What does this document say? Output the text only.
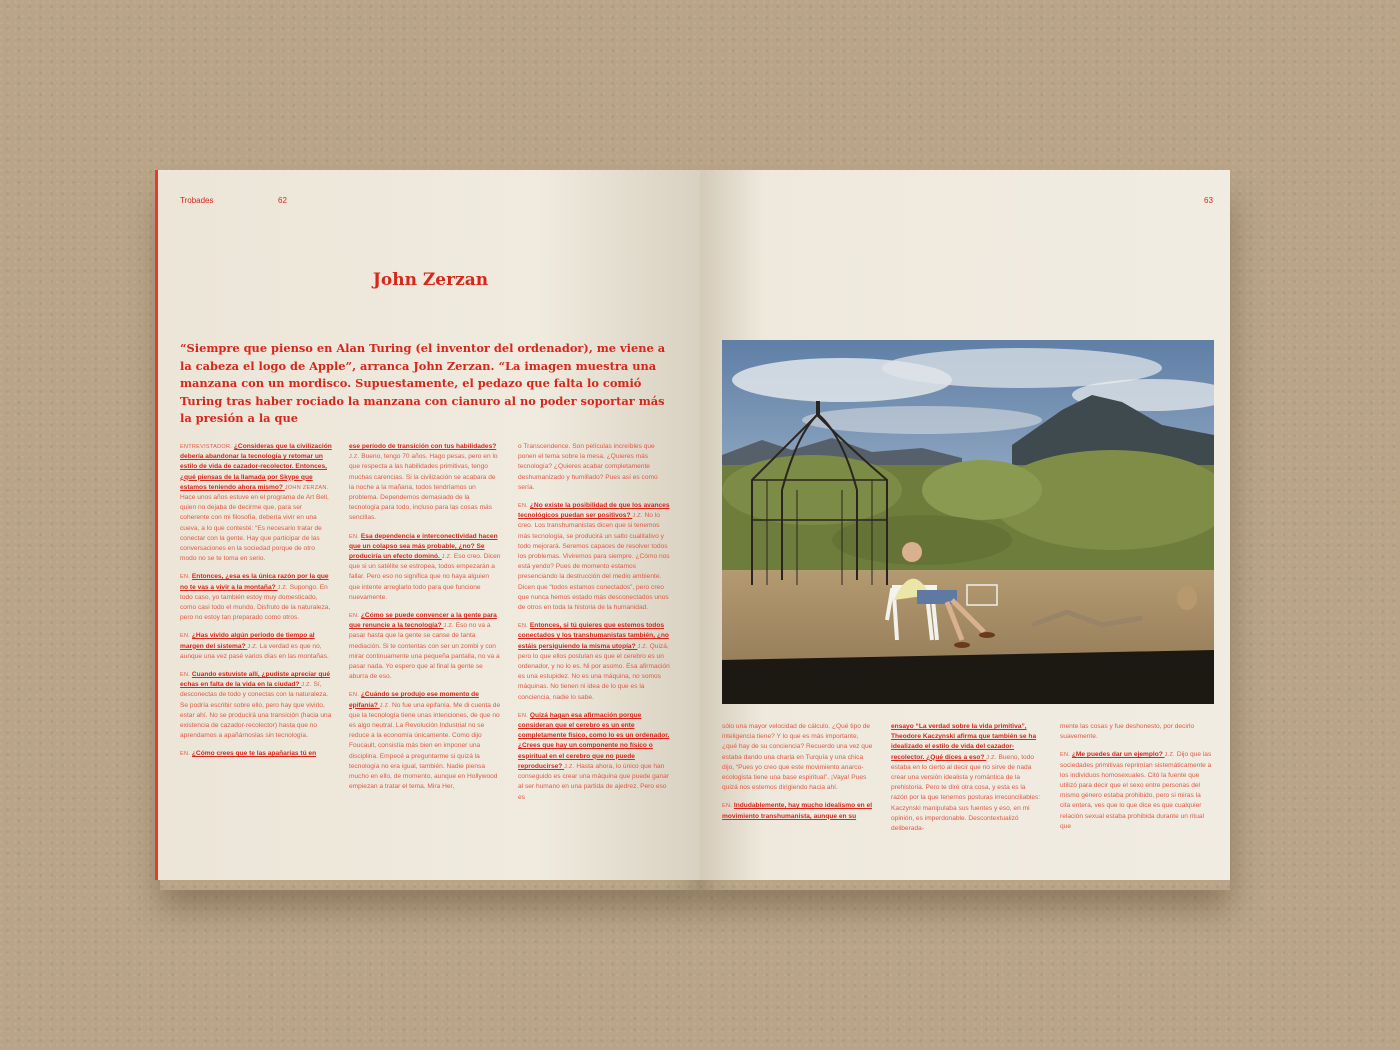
Trobades	62
John Zerzan
“Siempre que pienso en Alan Turing (el inventor del ordenador), me viene a la cabeza el logo de Apple”, arranca John Zerzan. “La imagen muestra una manzana con un mordisco. Supuestamente, el pedazo que falta lo comió Turing tras haber rociado la manzana con cianuro al no poder soportar más la presión a la que

ENTREVISTADOR. ¿Consideras que la civilización debería abandonar la tecnología y retomar un estilo de vida de cazador-recolector. Entonces, ¿qué piensas de la llamada por Skype que estamos teniendo ahora mismo? JOHN ZERZAN. Hace unos años estuve en el programa de Art Bell, quien no dejaba de decirme que, para ser coherente con mi filosofía, debería vivir en una cueva, a lo que contesté: “Es necesario tratar de conectar con la gente. Hay que participar de las conversaciones en la sociedad porque de otro modo no se te toma en serio.

EN. Entonces, ¿esa es la única razón por la que no te vas a vivir a la montaña? J.Z. Supongo. En todo caso, yo también estoy muy domesticado, como casi todo el mundo. Disfruto de la naturaleza, pero no estoy tan preparado como otros.

EN. ¿Has vivido algún periodo de tiempo al margen del sistema? J.Z. La verdad es que no, aunque una vez pasé varios días en las montañas.

EN. Cuando estuviste allí, ¿pudiste apreciar qué echas en falta de la vida en la ciudad? J.Z. Sí, desconectas de todo y conectas con la naturaleza. Se podría escribir sobre ello, pero hay que vivirlo, estar ahí. No se producirá una transición (hacia una existencia de cazador-recolector) hasta que no aprendamos a apañárnoslas sin tecnología.

EN. ¿Cómo crees que te las apañarías tú en

ese período de transición con tus habilidades? J.Z. Bueno, tengo 70 años. Hago pesas, pero en lo que respecta a las habilidades primitivas, tengo muchas carencias. Si la civilización se acabara de la noche a la mañana, todos tendríamos un problema. Dependemos demasiado de la tecnología para todo, incluso para las cosas más sencillas.

EN. Esa dependencia e interconectividad hacen que un colapso sea más probable, ¿no? Se produciría un efecto dominó. J.Z. Eso creo. Dicen que si un satélite se estropea, todos empezarán a fallar. Pero eso no significa que no haya alguien que intente arreglarlo todo para que funcione nuevamente.

EN. ¿Cómo se puede convencer a la gente para que renuncie a la tecnología? J.Z. Eso no va a pasar hasta que la gente se canse de tanta mediación. Si te contentas con ser un zombi y con mirar continuamente una pequeña pantalla, no va a pasar nada. Yo espero que al final la gente se aburra de eso.

EN. ¿Cuándo se produjo ese momento de epifanía? J.Z. No fue una epifanía. Me di cuenta de que la tecnología tiene unas intenciones, de que no es algo neutral. La Revolución Industrial no se reduce a la economía únicamente. Como dijo Foucault, consistía más bien en imponer una disciplina. Empecé a preguntarme si quizá la tecnología no era igual, también. Nadie piensa mucho en ello, de momento, aunque en Hollywood empiezan a tratar el tema. Mira Her,

o Transcendence. Son películas increíbles que ponen el tema sobre la mesa. ¿Quieres más tecnología? ¿Quieres acabar completamente deshumanizado y humillado? Pues así es como sería.

EN. ¿No existe la posibilidad de que los avances tecnológicos puedan ser positivos? J.Z. No lo creo. Los transhumanistas dicen que si tenemos más tecnología, se producirá un salto cualitativo y todo mejorará. Seremos capaces de resolver todos los problemas. Viviremos para siempre. ¿Cómo nos está yendo? Pues de momento estamos presenciando la destrucción del medio ambiente. Dicen que “todos estamos conectados”, pero creo que nunca hemos estado más desconectados unos de otros en toda la historia de la humanidad.

EN. Entonces, si tú quieres que estemos todos conectados y los transhumanistas también, ¿no estáis persiguiendo la misma utopía? J.Z. Quizá, pero lo que ellos postulan es que el cerebro es un ordenador, y no lo es. Ni por asomo. Esa afirmación es una estupidez. No es una máquina, no somos máquinas. No tienen ni idea de lo que es la conciencia, nadie lo sabe.

EN. Quizá hagan esa afirmación porque consideran que el cerebro es un ente completamente físico, como lo es un ordenador. ¿Crees que hay un componente no físico o espiritual en el cerebro que no puede reproducirse? J.Z. Hasta ahora, lo único que han conseguido es crear una máquina que puede ganar al ser humano en una partida de ajedrez. Pero eso es

63

sólo una mayor velocidad de cálculo. ¿Qué tipo de inteligencia tiene? Y lo que es más importante, ¿qué hay de su conciencia? Recuerdo una vez que estaba dando una charla en Turquía y una chica dijo, “Pues yo creo que este movimiento anarco-ecologista tiene una base espiritual”. ¡Vaya! Pues quizá nos estemos dirigiendo hacia ahí.

EN. Indudablemente, hay mucho idealismo en el movimiento transhumanista, aunque en su

ensayo “La verdad sobre la vida primitiva”, Theodore Kaczynski afirma que también se ha idealizado el estilo de vida del cazador-recolector. ¿Qué dices a eso? J.Z. Bueno, todo estaba en lo cierto al decir que no sirve de nada crear una versión idealista y romántica de la prehistoria. Pero te diré otra cosa, y esta es la razón por la que tenemos posturas irreconciliables: Kaczynski manipulaba sus fuentes y eso, en mi opinión, es imperdonable. Descontextualizó deliberada-

mente las cosas y fue deshonesto, por decirlo suavemente.

EN. ¿Me puedes dar un ejemplo? J.Z. Dijo que las sociedades primitivas reprimían sistemáticamente a los individuos homosexuales. Citó la fuente que utilizó para decir que el sexo entre personas del mismo género estaba prohibido, pero si miras la cita entera, ves que lo que dice es que cualquier relación sexual estaba prohibida durante un ritual que
